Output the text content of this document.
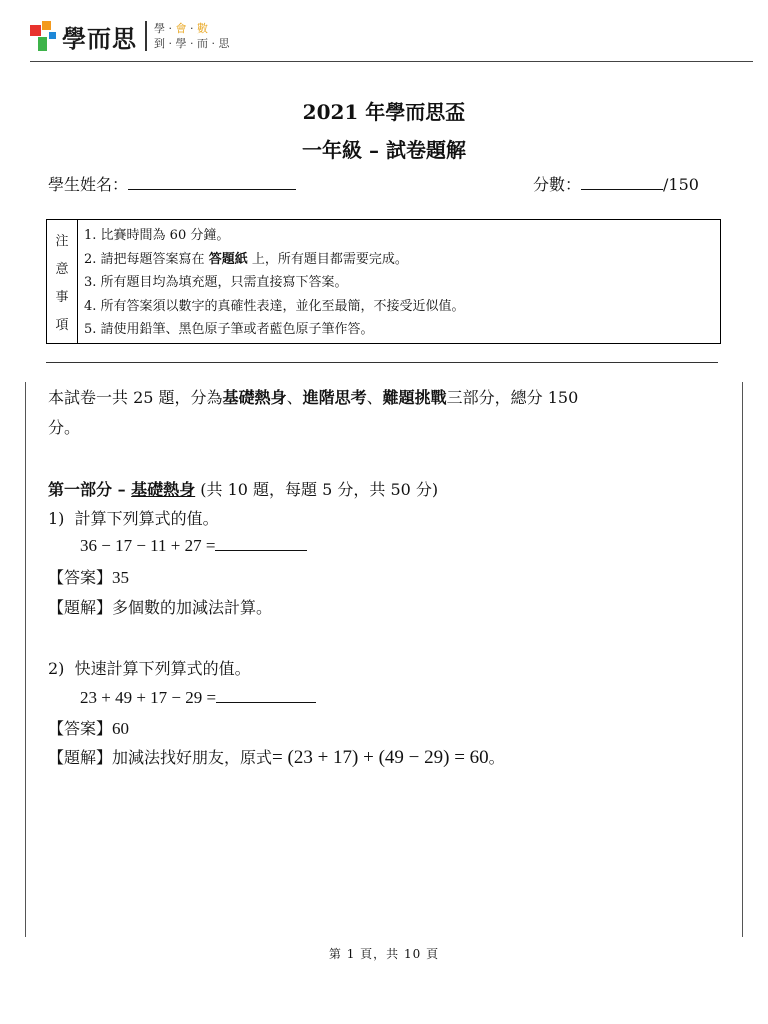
學而思 學 · 會 · 數
到 · 學 · 而 · 思
2021 年學而思盃
一年級 – 試卷題解
學生姓名：	分數：	/150
注
意
事
項
1. 比賽時間為 60 分鐘。
2. 請把每題答案寫在 答題紙 上，所有題目都需要完成。
3. 所有題目均為填充題，只需直接寫下答案。
4. 所有答案須以數字的真確性表達，並化至最簡，不接受近似值。
5. 請使用鉛筆、黑色原子筆或者藍色原子筆作答。
本試卷一共 25 題，分為基礎熱身、進階思考、難題挑戰三部分，總分 150
分。
第一部分 – 基礎熱身 (共 10 題，每題 5 分，共 50 分)
1) 計算下列算式的值。
36 − 17 − 11 + 27 =
【答案】35
【題解】多個數的加減法計算。
2) 快速計算下列算式的值。
23 + 49 + 17 − 29 =
【答案】60
【題解】加減法找好朋友，原式= (23 + 17) + (49 − 29) = 60。
第 1 頁，共 10 頁
